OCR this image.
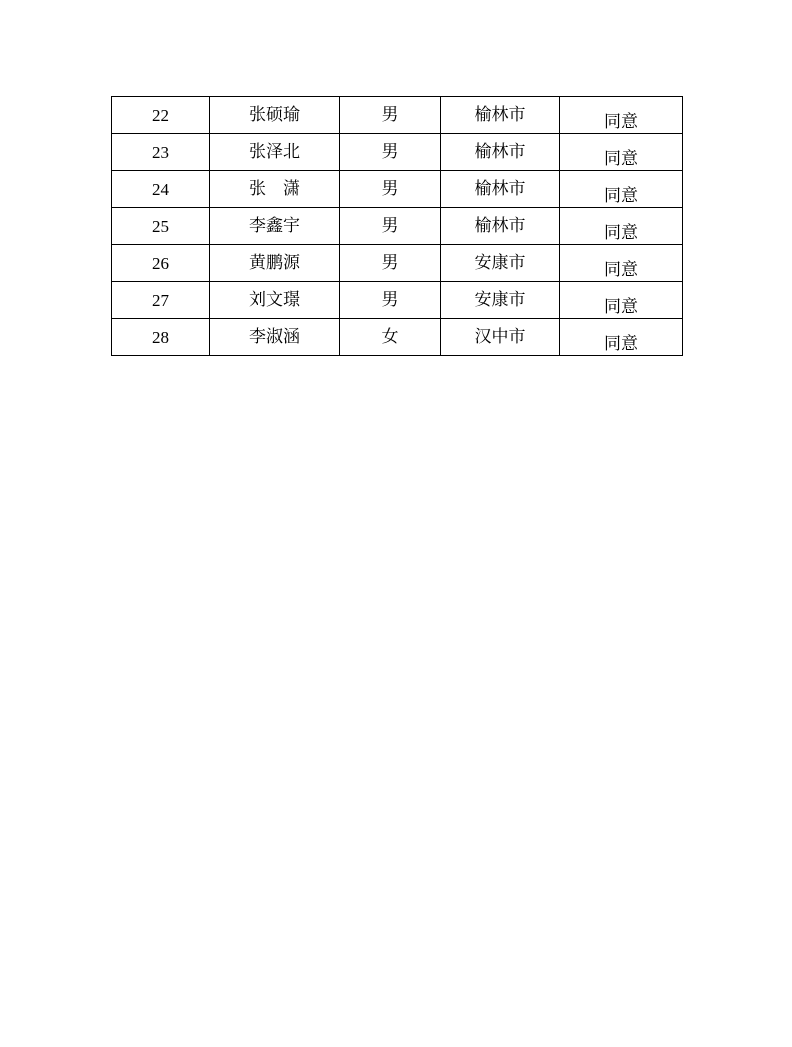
22	张硕瑜	男	榆林市	同意
23	张泽北	男	榆林市	同意
24	张　潇	男	榆林市	同意
25	李鑫宇	男	榆林市	同意
26	黄鹏源	男	安康市	同意
27	刘文璟	男	安康市	同意
28	李淑涵	女	汉中市	同意
